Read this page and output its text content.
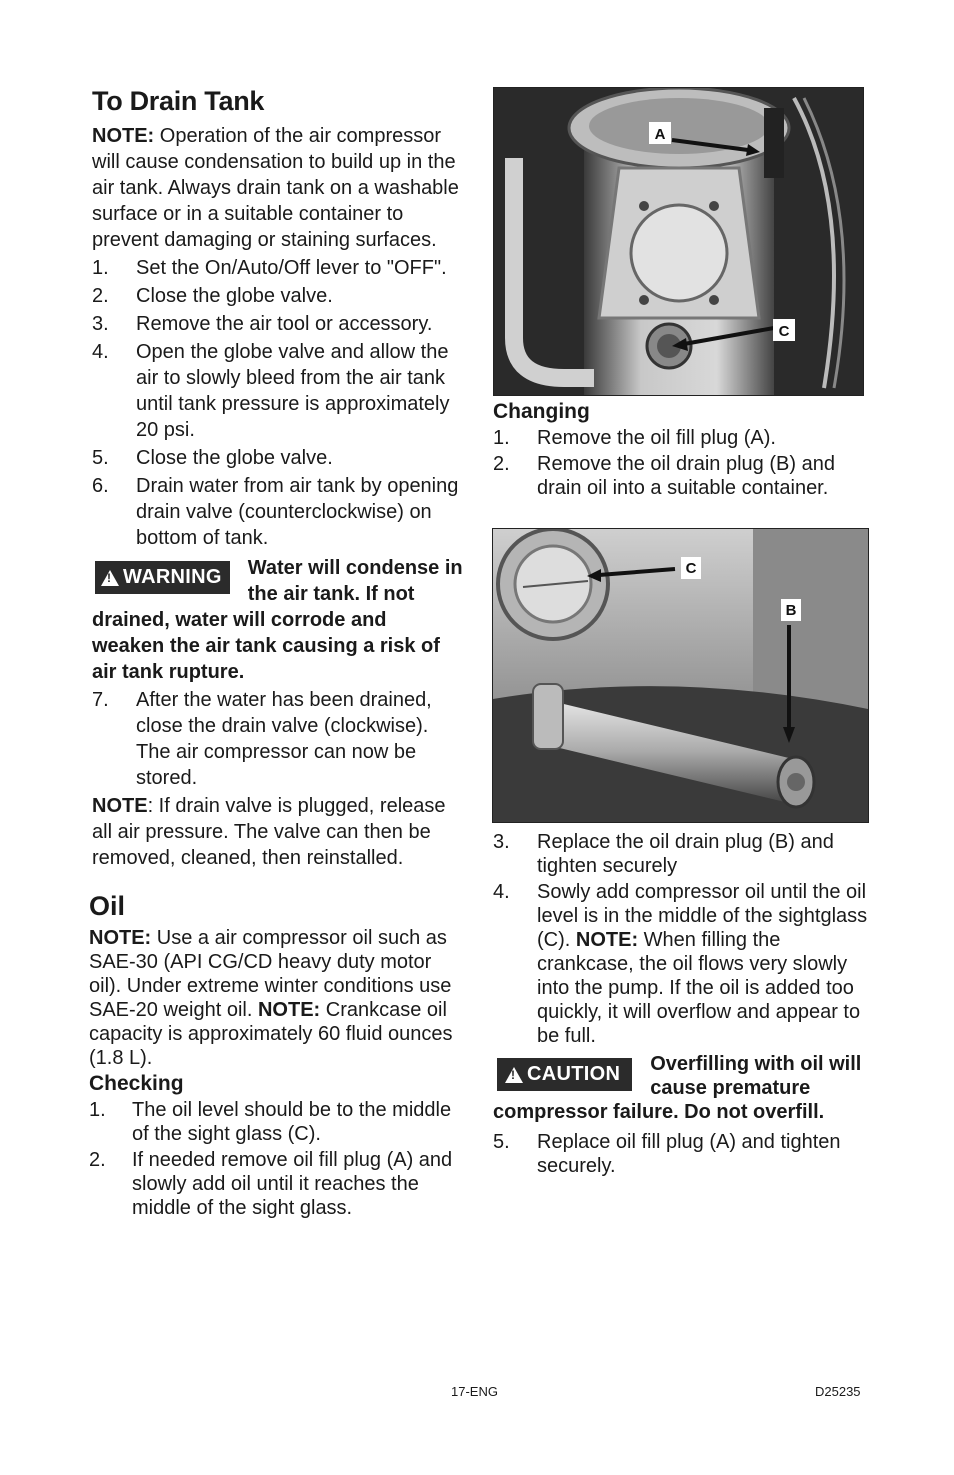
To Drain Tank

NOTE: Operation of the air compressor will cause condensation to build up in the air tank. Always drain tank on a washable surface or in a suitable container to prevent damaging or staining surfaces.

1. Set the On/Auto/Off lever to "OFF".
2. Close the globe valve.
3. Remove the air tool or accessory.
4. Open the globe valve and allow the air to slowly bleed from the air tank until tank pressure is approximately 20 psi.
5. Close the globe valve.
6. Drain water from air tank by opening drain valve (counterclockwise) on bottom of tank.
!
WARNING	Water will condense in the air tank. If not drained, water will corrode and weaken the air tank causing a risk of air tank rupture.
7. After the water has been drained, close the drain valve (clockwise). The air compressor can now be stored.

NOTE: If drain valve is plugged, release all air pressure. The valve can then be removed, cleaned, then reinstalled.

Oil

NOTE: Use a air compressor oil such as SAE-30 (API CG/CD heavy duty motor oil). Under extreme winter conditions use SAE-20 weight oil. NOTE: Crankcase oil capacity is approximately 60 fluid ounces (1.8 L).

Checking
1. The oil level should be to the middle of the sight glass (C).
2. If needed remove oil fill plug (A) and slowly add oil until it reaches the middle of the sight glass.
A
C
Changing
1. Remove the oil fill plug (A).
2. Remove the oil drain plug (B) and drain oil into a suitable container.
C
B
3. Replace the oil drain plug (B) and tighten securely
4. Sowly add compressor oil until the oil level is in the middle of the sightglass (C). NOTE: When filling the crankcase, the oil flows very slowly into the pump. If the oil is added too quickly, it will overflow and appear to be full.
!
CAUTION	Overfilling with oil will cause premature compressor failure. Do not overfill.
5. Replace oil fill plug (A) and tighten securely.
17-ENG	D25235
